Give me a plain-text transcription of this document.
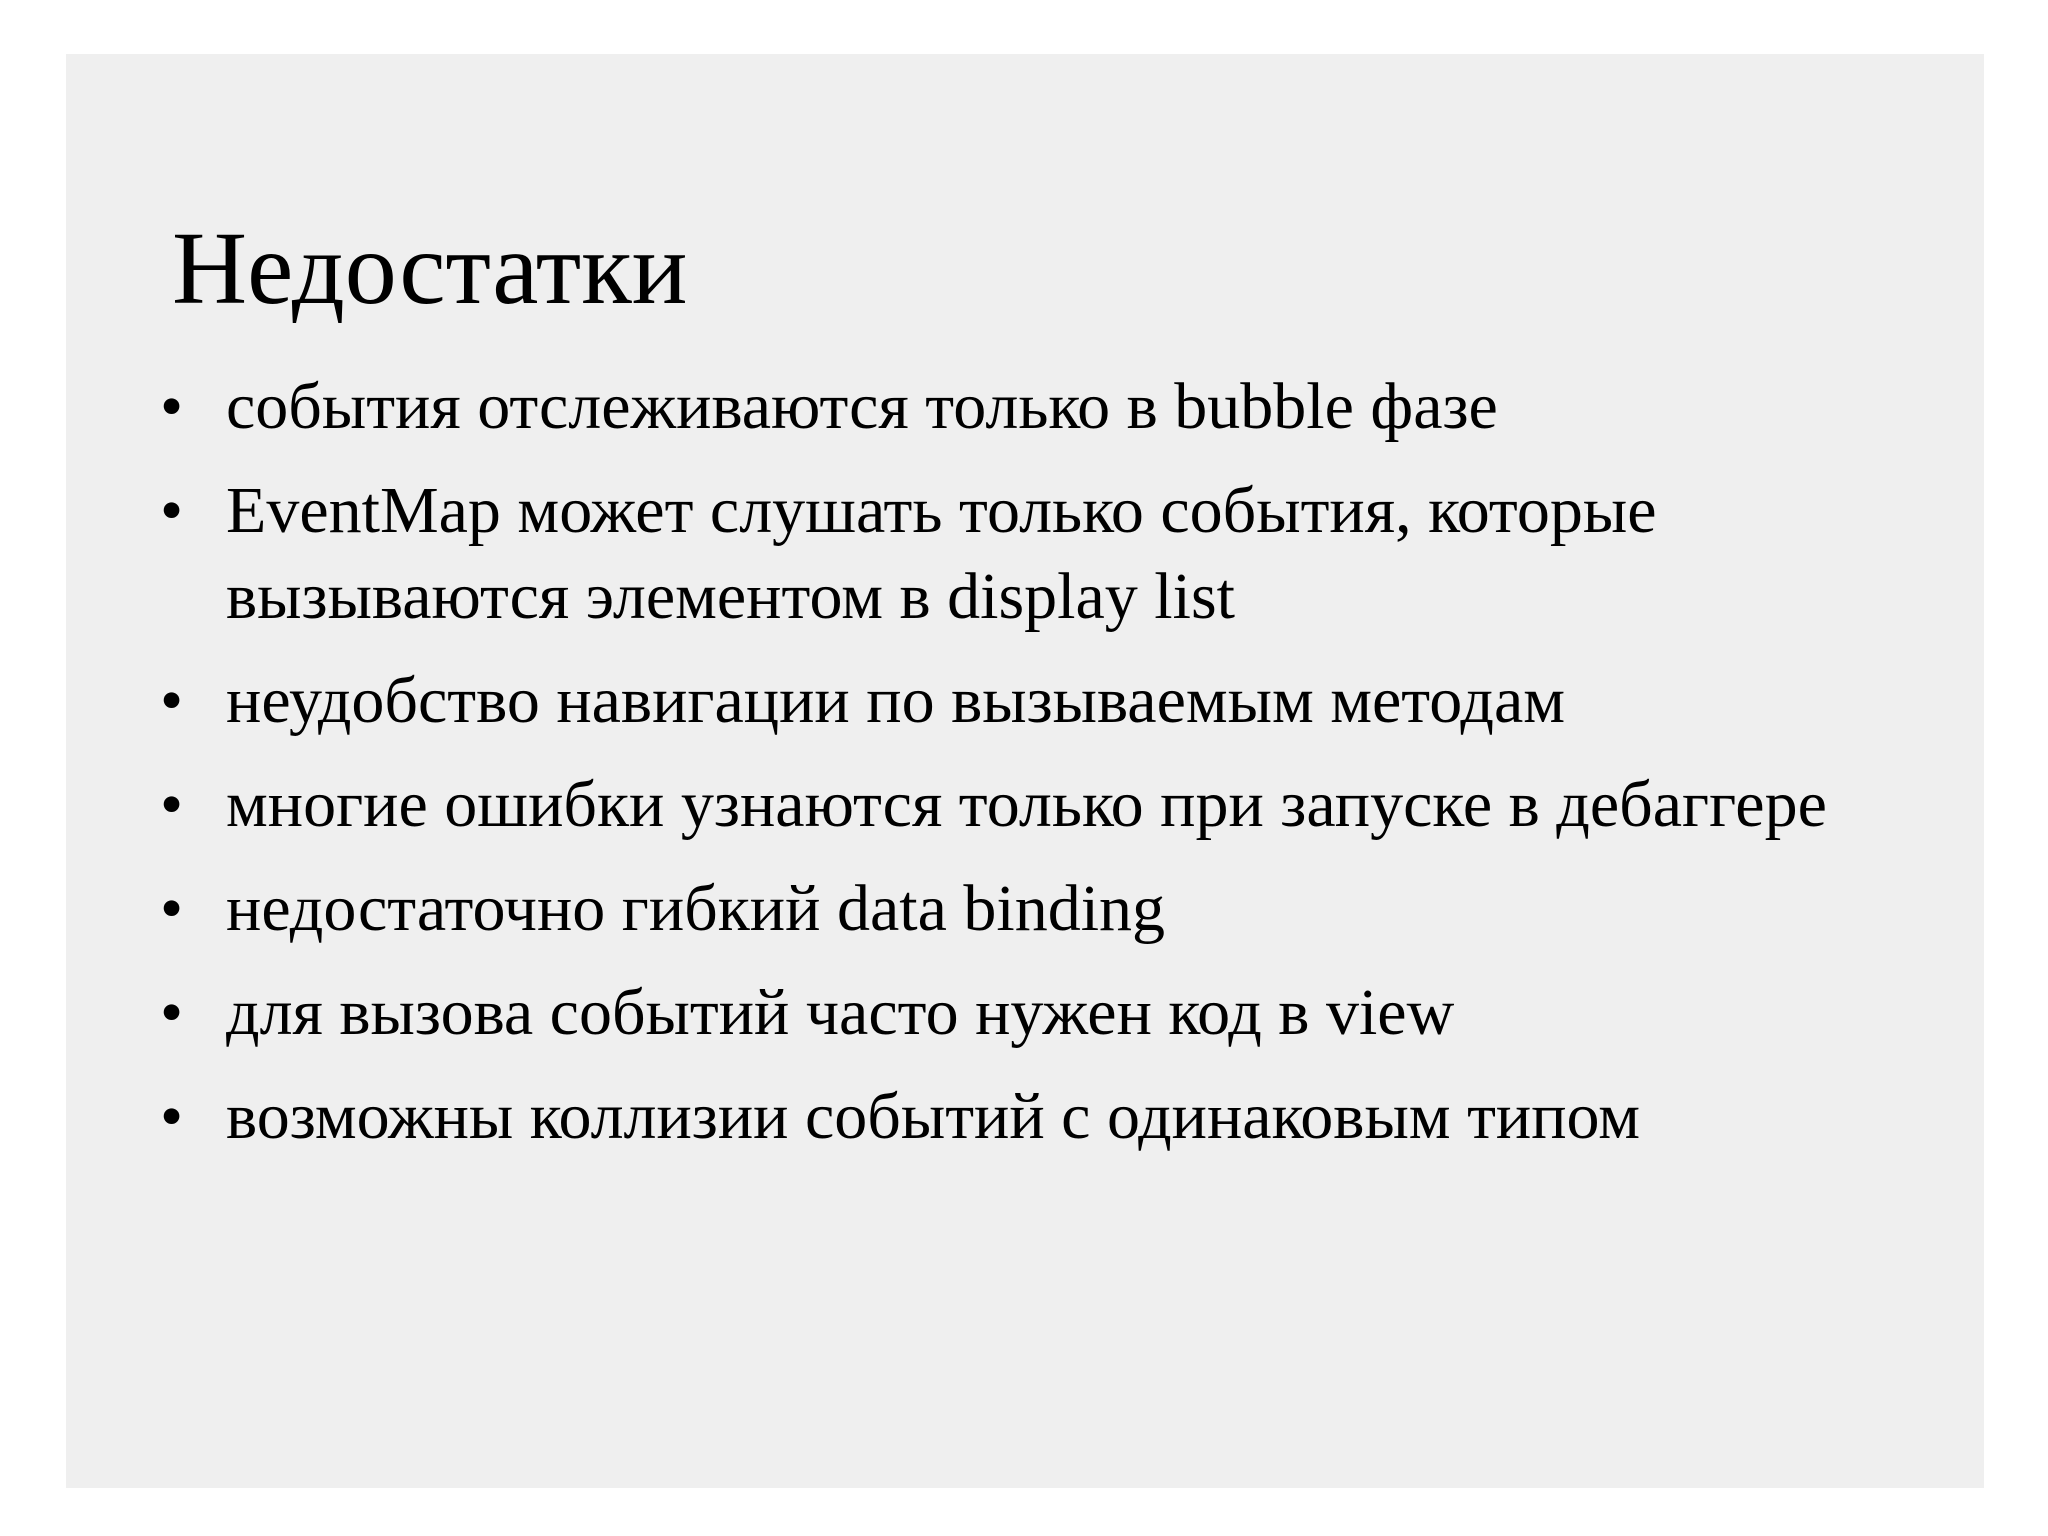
Недостатки
• события отслеживаются только в bubble фазе
• EventMap может слушать только события, которые вызываются элементом в display list
• неудобство навигации по вызываемым методам
• многие ошибки узнаются только при запуске в дебаггере
• недостаточно гибкий data binding
• для вызова событий часто нужен код в view
• возможны коллизии событий с одинаковым типом
